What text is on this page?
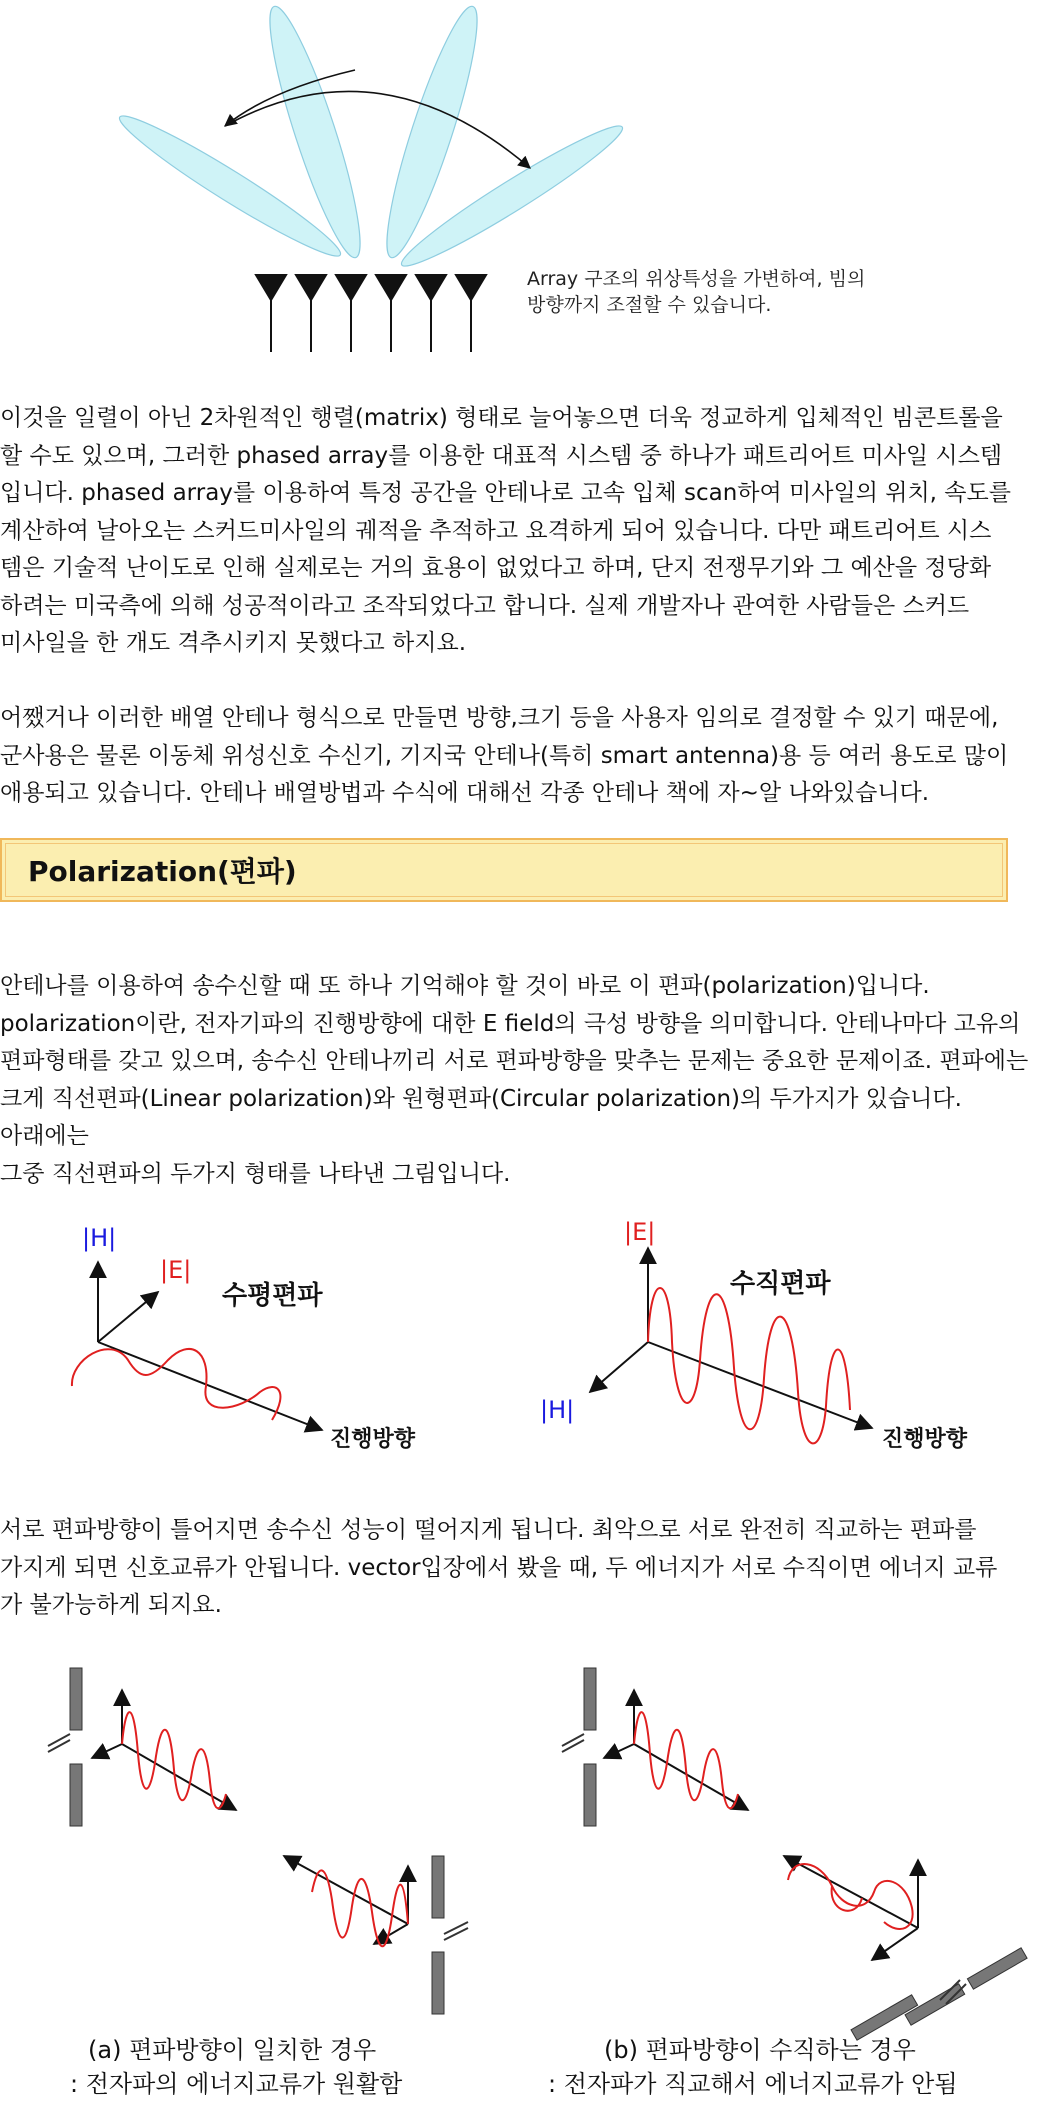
Array 구조의 위상특성을 가변하여, 빔의
방향까지 조절할 수 있습니다.

이것을 일렬이 아닌 2차원적인 행렬(matrix) 형태로 늘어놓으면 더욱 정교하게 입체적인 빔콘트롤을
할 수도 있으며, 그러한 phased array를 이용한 대표적 시스템 중 하나가 패트리어트 미사일 시스템
입니다. phased array를 이용하여 특정 공간을 안테나로 고속 입체 scan하여 미사일의 위치, 속도를
계산하여 날아오는 스커드미사일의 궤적을 추적하고 요격하게 되어 있습니다. 다만 패트리어트 시스
템은 기술적 난이도로 인해 실제로는 거의 효용이 없었다고 하며, 단지 전쟁무기와 그 예산을 정당화
하려는 미국측에 의해 성공적이라고 조작되었다고 합니다. 실제 개발자나 관여한 사람들은 스커드
미사일을 한 개도 격추시키지 못했다고 하지요.

어쨌거나 이러한 배열 안테나 형식으로 만들면 방향,크기 등을 사용자 임의로 결정할 수 있기 때문에,
군사용은 물론 이동체 위성신호 수신기, 기지국 안테나(특히 smart antenna)용 등 여러 용도로 많이
애용되고 있습니다. 안테나 배열방법과 수식에 대해선 각종 안테나 책에 자~알 나와있습니다.

Polarization(편파)

안테나를 이용하여 송수신할 때 또 하나 기억해야 할 것이 바로 이 편파(polarization)입니다.
polarization이란, 전자기파의 진행방향에 대한 E field의 극성 방향을 의미합니다. 안테나마다 고유의
편파형태를 갖고 있으며, 송수신 안테나끼리 서로 편파방향을 맞추는 문제는 중요한 문제이죠. 편파에는
크게 직선편파(Linear polarization)와 원형편파(Circular polarization)의 두가지가 있습니다. 아래에는
그중 직선편파의 두가지 형태를 나타낸 그림입니다.

|H|
|E|
수평편파
진행방향
|E|
수직편파
|H|
진행방향

서로 편파방향이 틀어지면 송수신 성능이 떨어지게 됩니다. 최악으로 서로 완전히 직교하는 편파를
가지게 되면 신호교류가 안됩니다. vector입장에서 봤을 때, 두 에너지가 서로 수직이면 에너지 교류
가 불가능하게 되지요.

(a) 편파방향이 일치한 경우
: 전자파의 에너지교류가 원활함
(b) 편파방향이 수직하는 경우
: 전자파가 직교해서 에너지교류가 안됨
